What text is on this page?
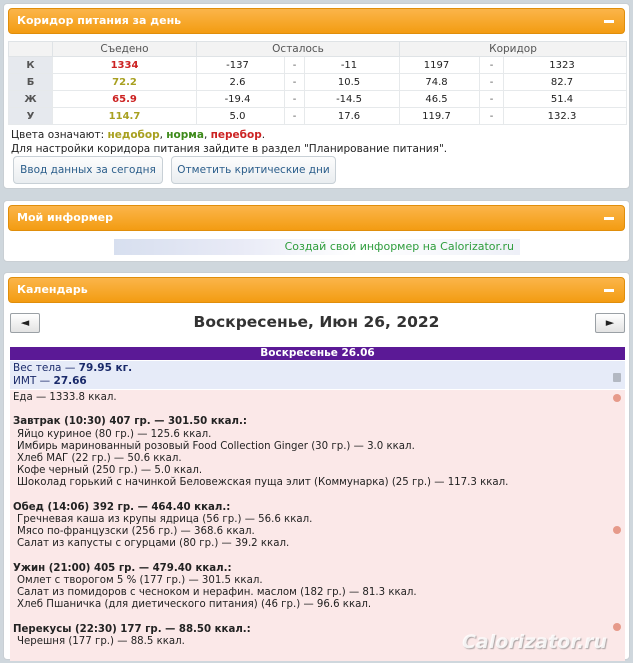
Коридор питания за день
	Съедено	Осталось			Коридор		
К	1334	-137	-	-11	1197	-	1323
Б	72.2	2.6	-	10.5	74.8	-	82.7
Ж	65.9	-19.4	-	-14.5	46.5	-	51.4
У	114.7	5.0	-	17.6	119.7	-	132.3
Цвета означают: недобор, норма, перебор.
Для настройки коридора питания зайдите в раздел "Планирование питания".
Ввод данных за сегодня	Отметить критические дни
Мой информер
Создай свой информер на Calorizator.ru
Календарь
◄	Воскресенье, Июн 26, 2022	►
Воскресенье 26.06
Вес тела — 79.95 кг.
ИМТ — 27.66
Еда — 1333.8 ккал.
Завтрак (10:30) 407 гр. — 301.50 ккал.:
Яйцо куриное (80 гр.) — 125.6 ккал.
Имбирь маринованный розовый Food Collection Ginger (30 гр.) — 3.0 ккал.
Хлеб МАГ (22 гр.) — 50.6 ккал.
Кофе черный (250 гр.) — 5.0 ккал.
Шоколад горький с начинкой Беловежская пуща элит (Коммунарка) (25 гр.) — 117.3 ккал.
Обед (14:06) 392 гр. — 464.40 ккал.:
Гречневая каша из крупы ядрица (56 гр.) — 56.6 ккал.
Мясо по-французски (256 гр.) — 368.6 ккал.
Салат из капусты с огурцами (80 гр.) — 39.2 ккал.
Ужин (21:00) 405 гр. — 479.40 ккал.:
Омлет с творогом 5 % (177 гр.) — 301.5 ккал.
Салат из помидоров с чесноком и нерафин. маслом (182 гр.) — 81.3 ккал.
Хлеб Пшаничка (для диетического питания) (46 гр.) — 96.6 ккал.
Перекусы (22:30) 177 гр. — 88.50 ккал.:
Черешня (177 гр.) — 88.5 ккал.	Calorizator.ru
